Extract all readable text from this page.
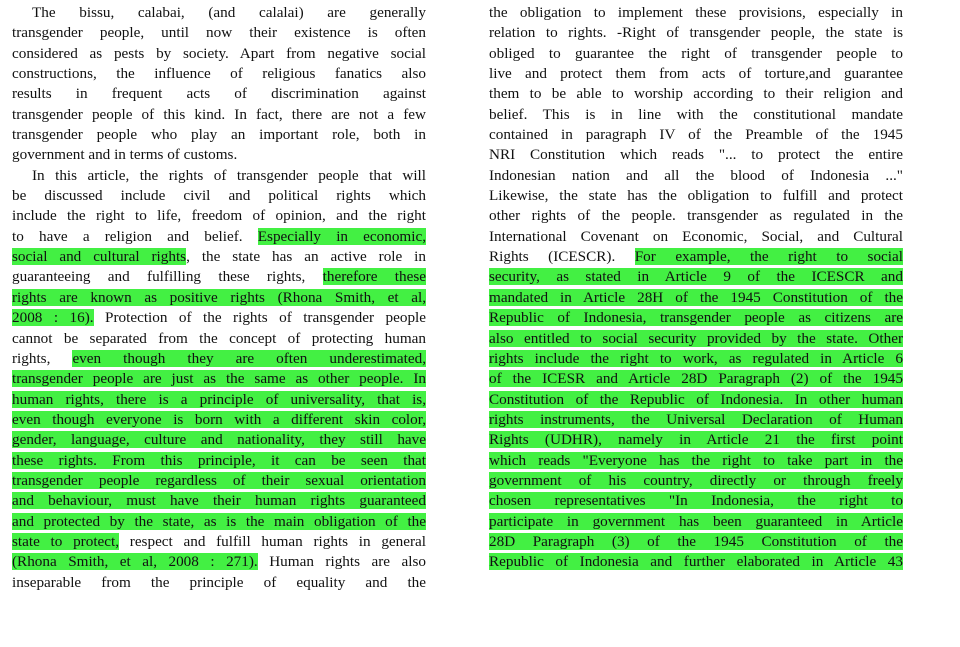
The bissu, calabai, (and calalai) are generally
transgender people, until now their existence is often
considered as pests by society. Apart from negative social
constructions, the influence of religious fanatics also
results in frequent acts of discrimination against
transgender people of this kind. In fact, there are not a few
transgender people who play an important role, both in
government and in terms of customs.
In this article, the rights of transgender people that will
be discussed include civil and political rights which
include the right to life, freedom of opinion, and the right
to have a religion and belief. Especially in economic,
social and cultural rights, the state has an active role in
guaranteeing and fulfilling these rights, therefore these
rights are known as positive rights (Rhona Smith, et al,
2008 : 16). Protection of the rights of transgender people
cannot be separated from the concept of protecting human
rights, even though they are often underestimated,
transgender people are just as the same as other people. In
human rights, there is a principle of universality, that is,
even though everyone is born with a different skin color,
gender, language, culture and nationality, they still have
these rights. From this principle, it can be seen that
transgender people regardless of their sexual orientation
and behaviour, must have their human rights guaranteed
and protected by the state, as is the main obligation of the
state to protect, respect and fulfill human rights in general
(Rhona Smith, et al, 2008 : 271). Human rights are also
inseparable from the principle of equality and the
the obligation to implement these provisions, especially in
relation to rights. -Right of transgender people, the state is
obliged to guarantee the right of transgender people to
live and protect them from acts of torture,and guarantee
them to be able to worship according to their religion and
belief. This is in line with the constitutional mandate
contained in paragraph IV of the Preamble of the 1945
NRI Constitution which reads "... to protect the entire
Indonesian nation and all the blood of Indonesia ..."
Likewise, the state has the obligation to fulfill and protect
other rights of the people. transgender as regulated in the
International Covenant on Economic, Social, and Cultural
Rights (ICESCR). For example, the right to social
security, as stated in Article 9 of the ICESCR and
mandated in Article 28H of the 1945 Constitution of the
Republic of Indonesia, transgender people as citizens are
also entitled to social security provided by the state. Other
rights include the right to work, as regulated in Article 6
of the ICESR and Article 28D Paragraph (2) of the 1945
Constitution of the Republic of Indonesia. In other human
rights instruments, the Universal Declaration of Human
Rights (UDHR), namely in Article 21 the first point
which reads "Everyone has the right to take part in the
government of his country, directly or through freely
chosen representatives "In Indonesia, the right to
participate in government has been guaranteed in Article
28D Paragraph (3) of the 1945 Constitution of the
Republic of Indonesia and further elaborated in Article 43
